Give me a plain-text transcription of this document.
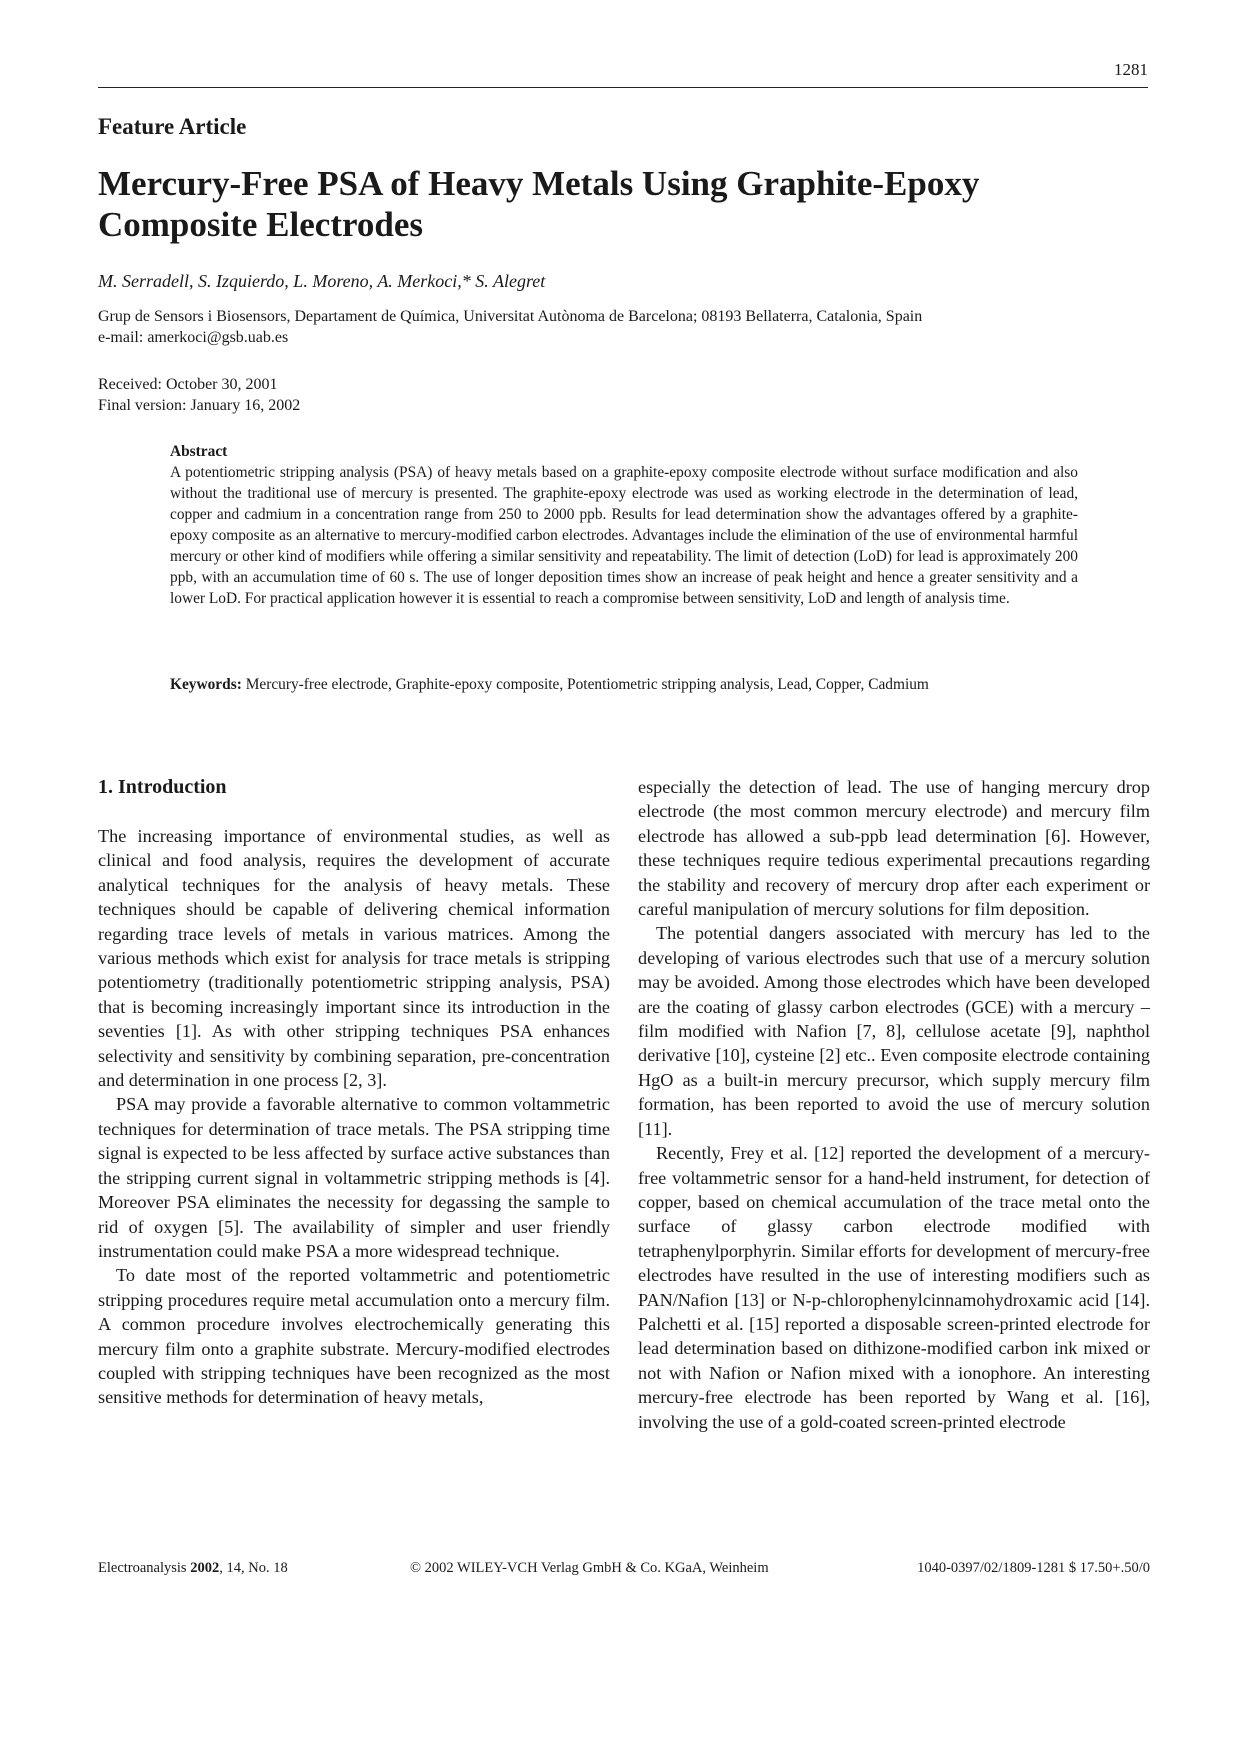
1281
Feature Article
Mercury-Free PSA of Heavy Metals Using Graphite-Epoxy Composite Electrodes
M. Serradell, S. Izquierdo, L. Moreno, A. Merkoci,* S. Alegret
Grup de Sensors i Biosensors, Departament de Química, Universitat Autònoma de Barcelona; 08193 Bellaterra, Catalonia, Spain
e-mail: amerkoci@gsb.uab.es
Received: October 30, 2001
Final version: January 16, 2002
Abstract
A potentiometric stripping analysis (PSA) of heavy metals based on a graphite-epoxy composite electrode without surface modification and also without the traditional use of mercury is presented. The graphite-epoxy electrode was used as working electrode in the determination of lead, copper and cadmium in a concentration range from 250 to 2000 ppb. Results for lead determination show the advantages offered by a graphite-epoxy composite as an alternative to mercury-modified carbon electrodes. Advantages include the elimination of the use of environmental harmful mercury or other kind of modifiers while offering a similar sensitivity and repeatability. The limit of detection (LoD) for lead is approximately 200 ppb, with an accumulation time of 60 s. The use of longer deposition times show an increase of peak height and hence a greater sensitivity and a lower LoD. For practical application however it is essential to reach a compromise between sensitivity, LoD and length of analysis time.
Keywords: Mercury-free electrode, Graphite-epoxy composite, Potentiometric stripping analysis, Lead, Copper, Cadmium
1. Introduction

The increasing importance of environmental studies, as well as clinical and food analysis, requires the development of accurate analytical techniques for the analysis of heavy metals. These techniques should be capable of delivering chemical information regarding trace levels of metals in various matrices. Among the various methods which exist for analysis for trace metals is stripping potentiometry (traditionally potentiometric stripping analysis, PSA) that is becoming increasingly important since its introduction in the seventies [1]. As with other stripping techniques PSA enhances selectivity and sensitivity by combining separation, pre-concentration and determination in one process [2, 3].

PSA may provide a favorable alternative to common voltammetric techniques for determination of trace metals. The PSA stripping time signal is expected to be less affected by surface active substances than the stripping current signal in voltammetric stripping methods is [4]. Moreover PSA eliminates the necessity for degassing the sample to rid of oxygen [5]. The availability of simpler and user friendly instrumentation could make PSA a more widespread technique.

To date most of the reported voltammetric and potentiometric stripping procedures require metal accumulation onto a mercury film. A common procedure involves electrochemically generating this mercury film onto a graphite substrate. Mercury-modified electrodes coupled with stripping techniques have been recognized as the most sensitive methods for determination of heavy metals,

especially the detection of lead. The use of hanging mercury drop electrode (the most common mercury electrode) and mercury film electrode has allowed a sub-ppb lead determination [6]. However, these techniques require tedious experimental precautions regarding the stability and recovery of mercury drop after each experiment or careful manipulation of mercury solutions for film deposition.

The potential dangers associated with mercury has led to the developing of various electrodes such that use of a mercury solution may be avoided. Among those electrodes which have been developed are the coating of glassy carbon electrodes (GCE) with a mercury – film modified with Nafion [7, 8], cellulose acetate [9], naphthol derivative [10], cysteine [2] etc.. Even composite electrode containing HgO as a built-in mercury precursor, which supply mercury film formation, has been reported to avoid the use of mercury solution [11].

Recently, Frey et al. [12] reported the development of a mercury-free voltammetric sensor for a hand-held instrument, for detection of copper, based on chemical accumulation of the trace metal onto the surface of glassy carbon electrode modified with tetraphenylporphyrin. Similar efforts for development of mercury-free electrodes have resulted in the use of interesting modifiers such as PAN/Nafion [13] or N-p-chlorophenylcinnamohydroxamic acid [14]. Palchetti et al. [15] reported a disposable screen-printed electrode for lead determination based on dithizone-modified carbon ink mixed or not with Nafion or Nafion mixed with a ionophore. An interesting mercury-free electrode has been reported by Wang et al. [16], involving the use of a gold-coated screen-printed electrode

Electroanalysis 2002, 14, No. 18	© 2002 WILEY-VCH Verlag GmbH & Co. KGaA, Weinheim	1040-0397/02/1809-1281 $ 17.50+.50/0
